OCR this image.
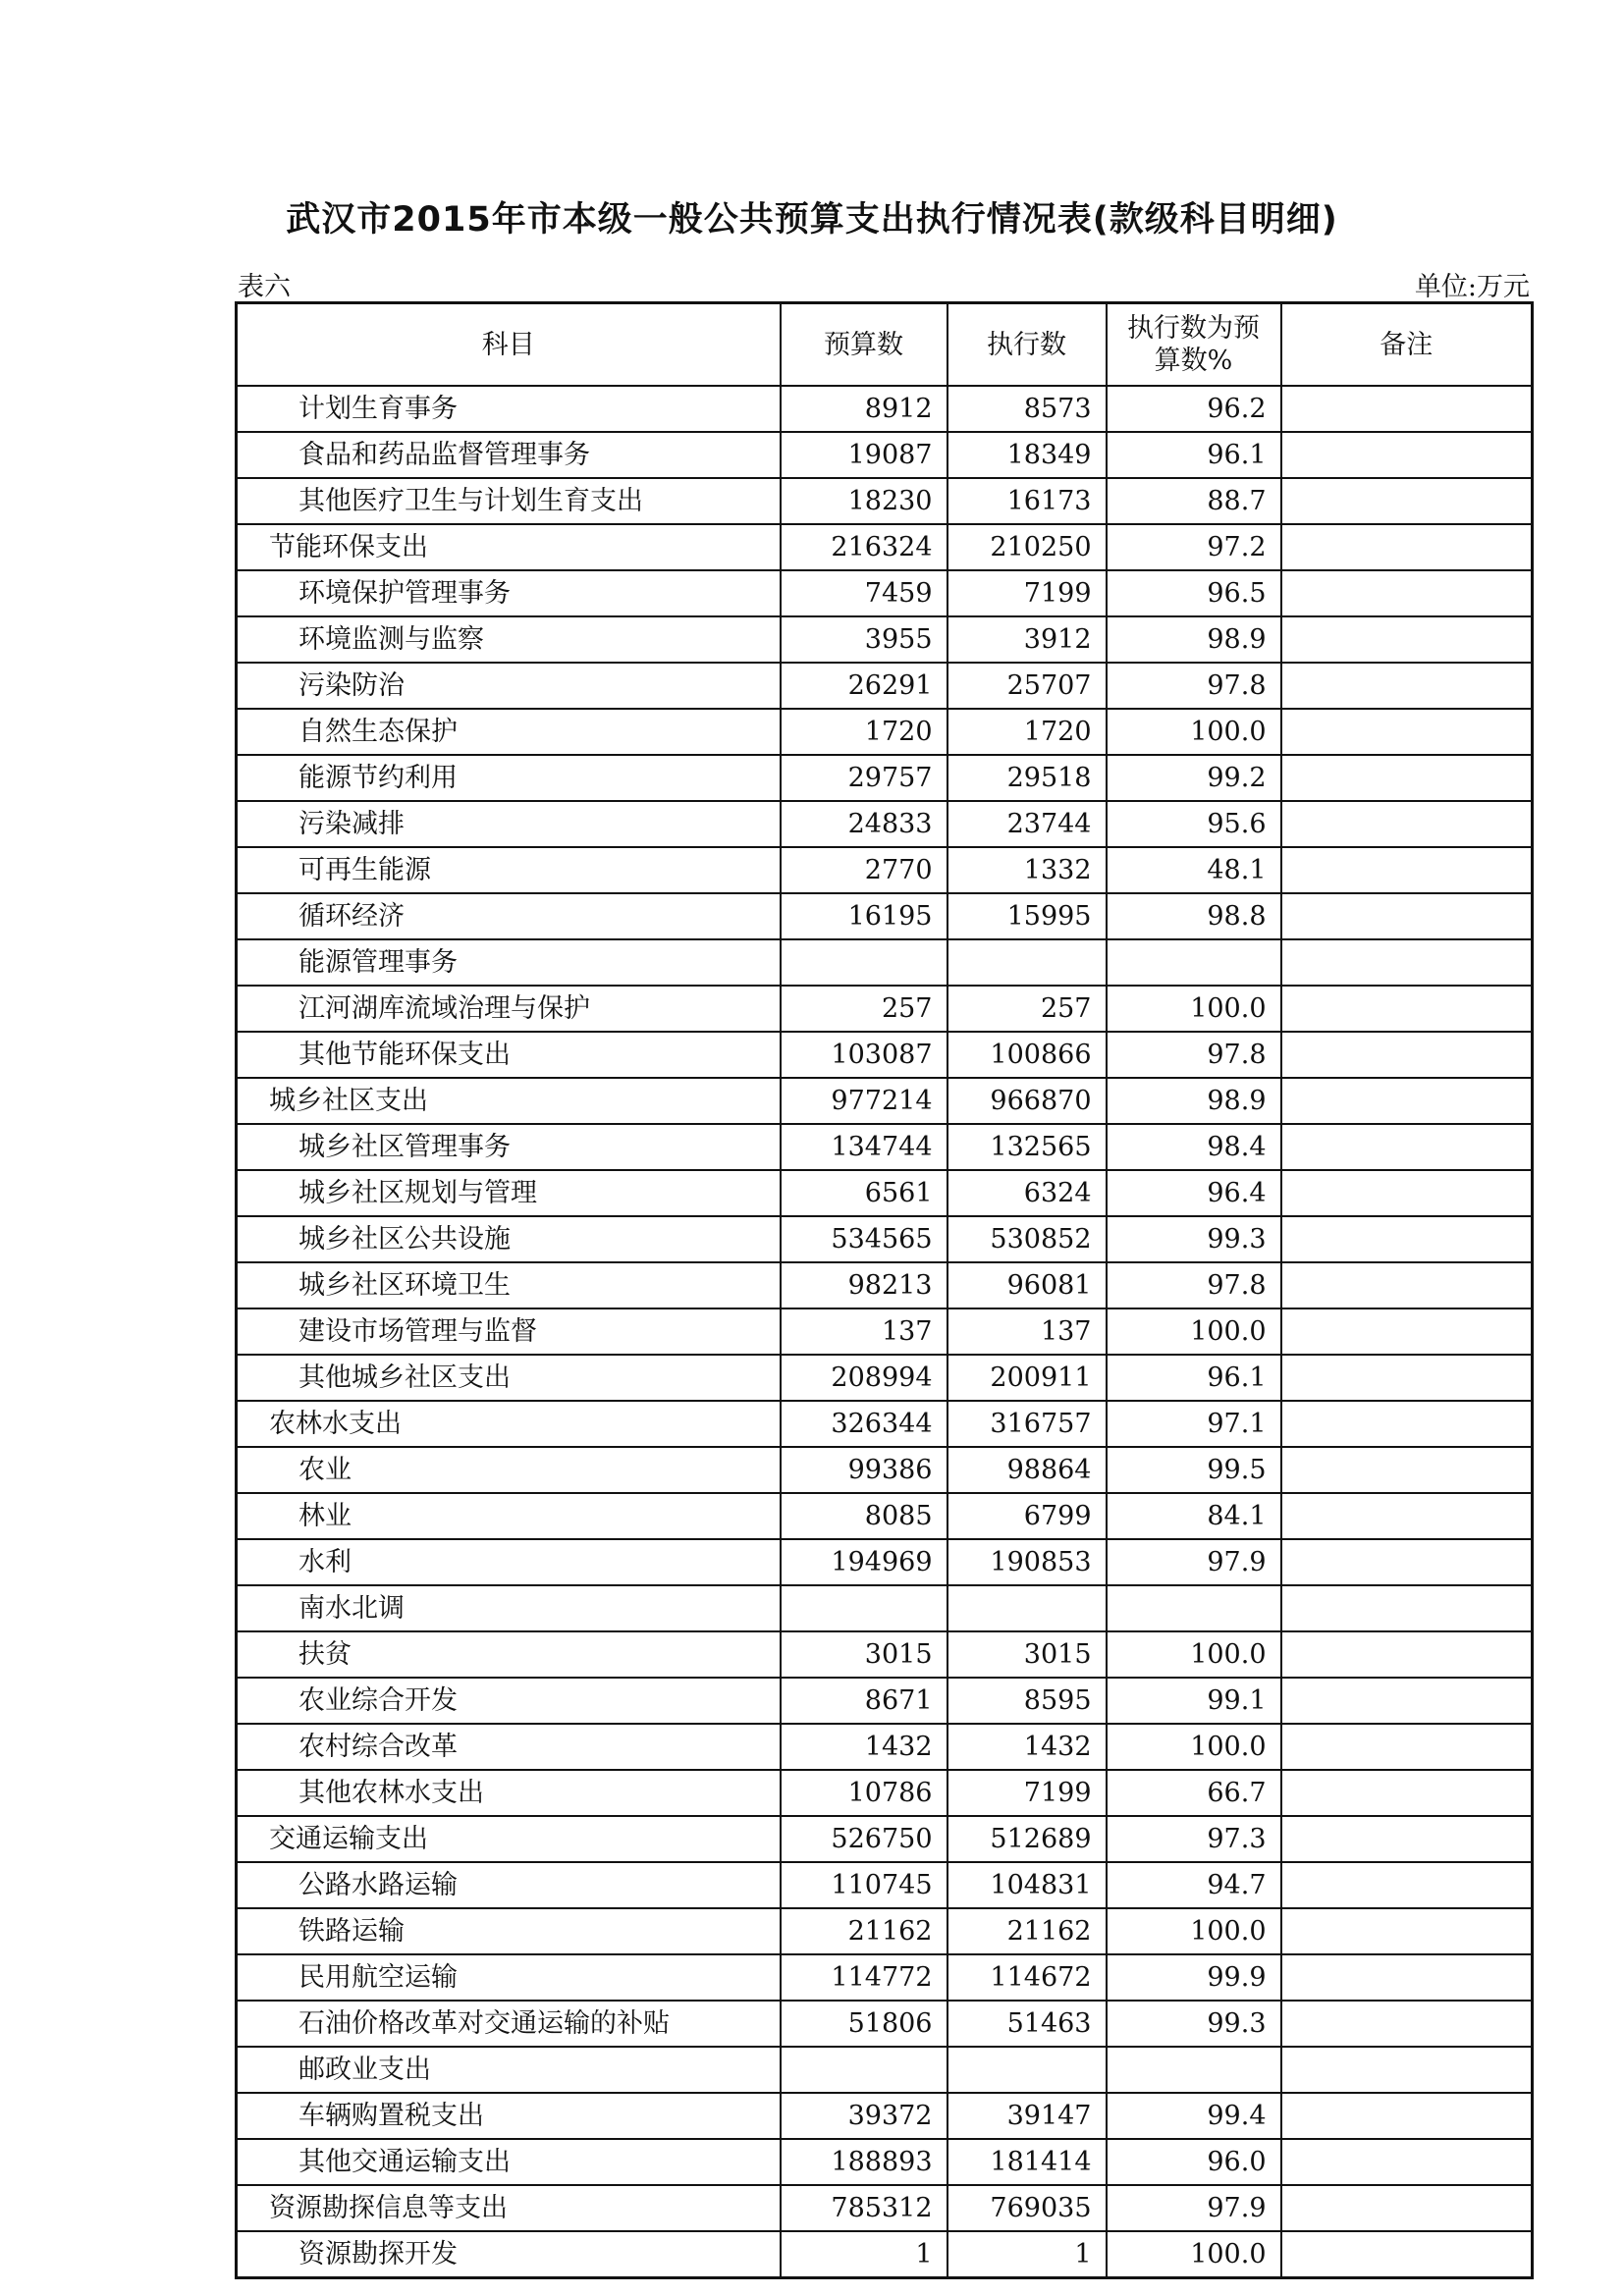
武汉市2015年市本级一般公共预算支出执行情况表(款级科目明细)
表六	单位:万元
科目	预算数	执行数	执行数为预算数%	备注
计划生育事务	8912	8573	96.2	
食品和药品监督管理事务	19087	18349	96.1	
其他医疗卫生与计划生育支出	18230	16173	88.7	
节能环保支出	216324	210250	97.2	
环境保护管理事务	7459	7199	96.5	
环境监测与监察	3955	3912	98.9	
污染防治	26291	25707	97.8	
自然生态保护	1720	1720	100.0	
能源节约利用	29757	29518	99.2	
污染减排	24833	23744	95.6	
可再生能源	2770	1332	48.1	
循环经济	16195	15995	98.8	
能源管理事务				
江河湖库流域治理与保护	257	257	100.0	
其他节能环保支出	103087	100866	97.8	
城乡社区支出	977214	966870	98.9	
城乡社区管理事务	134744	132565	98.4	
城乡社区规划与管理	6561	6324	96.4	
城乡社区公共设施	534565	530852	99.3	
城乡社区环境卫生	98213	96081	97.8	
建设市场管理与监督	137	137	100.0	
其他城乡社区支出	208994	200911	96.1	
农林水支出	326344	316757	97.1	
农业	99386	98864	99.5	
林业	8085	6799	84.1	
水利	194969	190853	97.9	
南水北调				
扶贫	3015	3015	100.0	
农业综合开发	8671	8595	99.1	
农村综合改革	1432	1432	100.0	
其他农林水支出	10786	7199	66.7	
交通运输支出	526750	512689	97.3	
公路水路运输	110745	104831	94.7	
铁路运输	21162	21162	100.0	
民用航空运输	114772	114672	99.9	
石油价格改革对交通运输的补贴	51806	51463	99.3	
邮政业支出				
车辆购置税支出	39372	39147	99.4	
其他交通运输支出	188893	181414	96.0	
资源勘探信息等支出	785312	769035	97.9	
资源勘探开发	1	1	100.0	
